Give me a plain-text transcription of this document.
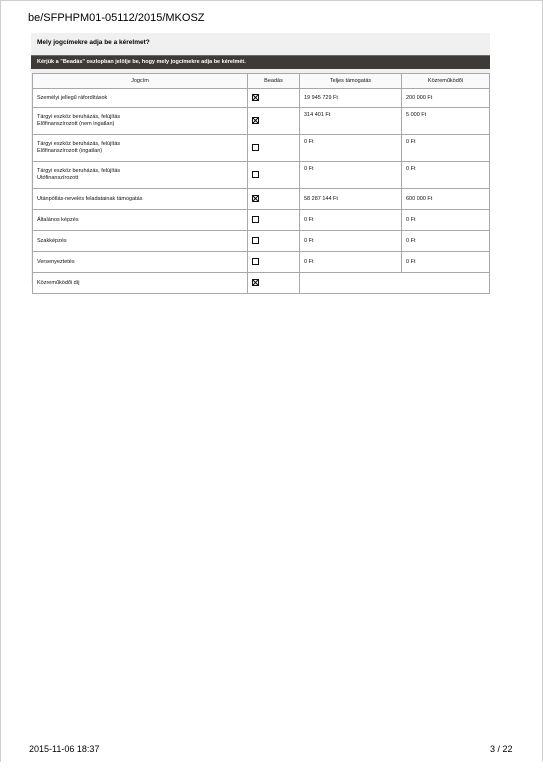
be/SFPHPM01-05112/2015/MKOSZ
Mely jogcímekre adja be a kérelmet?
Kérjük a "Beadás" oszlopban jelölje be, hogy mely jogcímekre adja be kérelmét.
Jogcím	Beadás	Teljes támogatás	Közreműködői
Személyi jellegű ráfordítások		19 945 729 Ft	200 000 Ft
Tárgyi eszköz beruházás, felújítás
Előfinanszírozott (nem ingatlan)		314 401 Ft	5 000 Ft
Tárgyi eszköz beruházás, felújítás
Előfinanszírozott (ingatlan)		0 Ft	0 Ft
Tárgyi eszköz beruházás, felújítás
Utófinanszírozott		0 Ft	0 Ft
Utánpótlás-nevelés feladatainak támogatás		58 287 144 Ft	600 000 Ft
Általános képzés		0 Ft	0 Ft
Szakképzés		0 Ft	0 Ft
Versenyeztetés		0 Ft	0 Ft
Közreműködői díj			
2015-11-06 18:37	3 / 22
